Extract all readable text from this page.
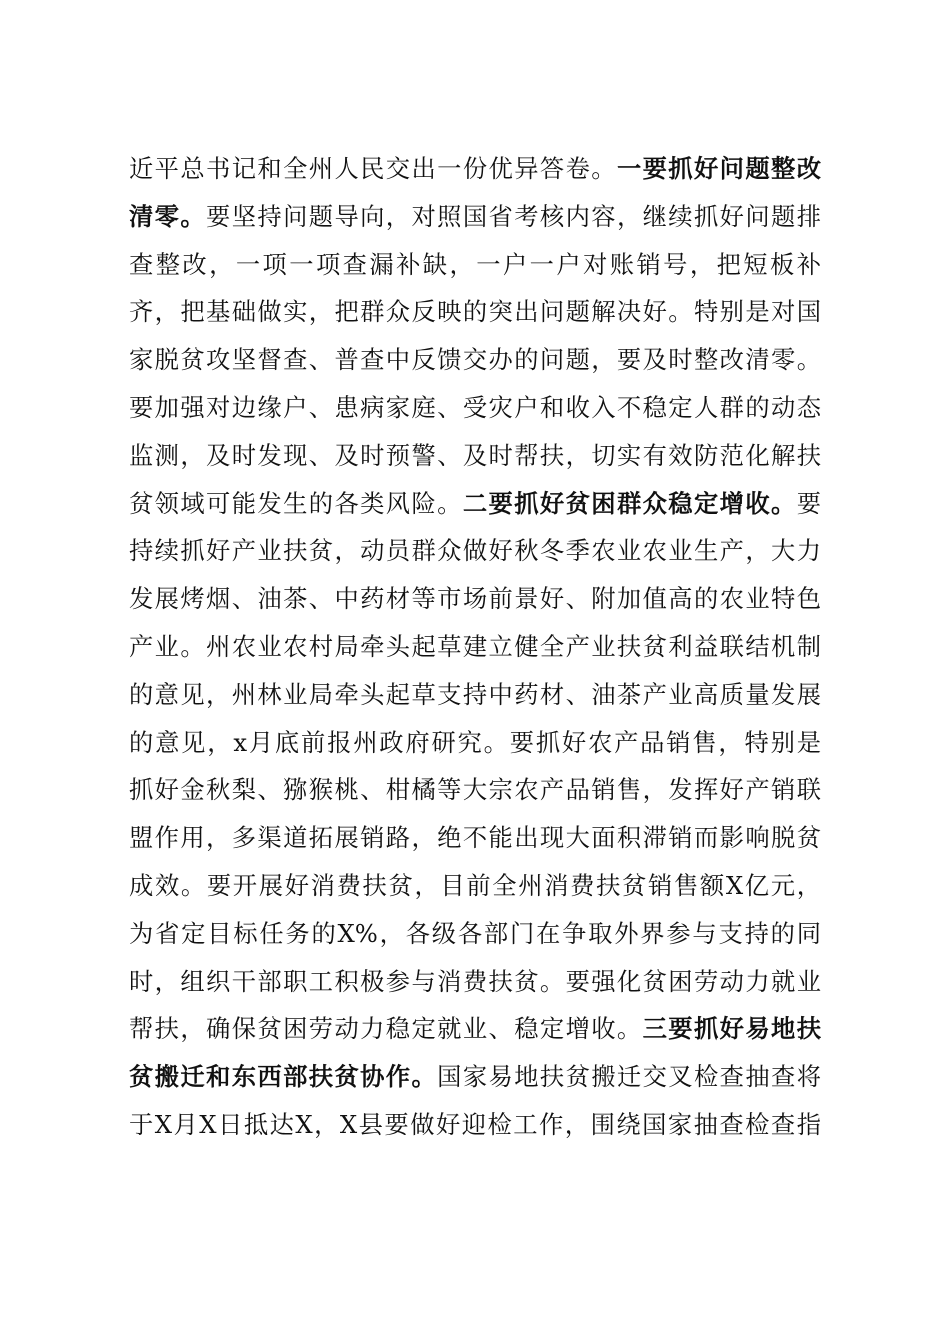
近平总书记和全州人民交出一份优异答卷。一要抓好问题整改
清零。要坚持问题导向，对照国省考核内容，继续抓好问题排
查整改，一项一项查漏补缺，一户一户对账销号，把短板补
齐，把基础做实，把群众反映的突出问题解决好。特别是对国
家脱贫攻坚督查、普查中反馈交办的问题，要及时整改清零。
要加强对边缘户、患病家庭、受灾户和收入不稳定人群的动态
监测，及时发现、及时预警、及时帮扶，切实有效防范化解扶
贫领域可能发生的各类风险。二要抓好贫困群众稳定增收。要
持续抓好产业扶贫，动员群众做好秋冬季农业农业生产，大力
发展烤烟、油茶、中药材等市场前景好、附加值高的农业特色
产业。州农业农村局牵头起草建立健全产业扶贫利益联结机制
的意见，州林业局牵头起草支持中药材、油茶产业高质量发展
的意见，x月底前报州政府研究。要抓好农产品销售，特别是
抓好金秋梨、猕猴桃、柑橘等大宗农产品销售，发挥好产销联
盟作用，多渠道拓展销路，绝不能出现大面积滞销而影响脱贫
成效。要开展好消费扶贫，目前全州消费扶贫销售额X亿元，
为省定目标任务的X%，各级各部门在争取外界参与支持的同
时，组织干部职工积极参与消费扶贫。要强化贫困劳动力就业
帮扶，确保贫困劳动力稳定就业、稳定增收。三要抓好易地扶
贫搬迁和东西部扶贫协作。国家易地扶贫搬迁交叉检查抽查将
于X月X日抵达X，X县要做好迎检工作，围绕国家抽查检查指
